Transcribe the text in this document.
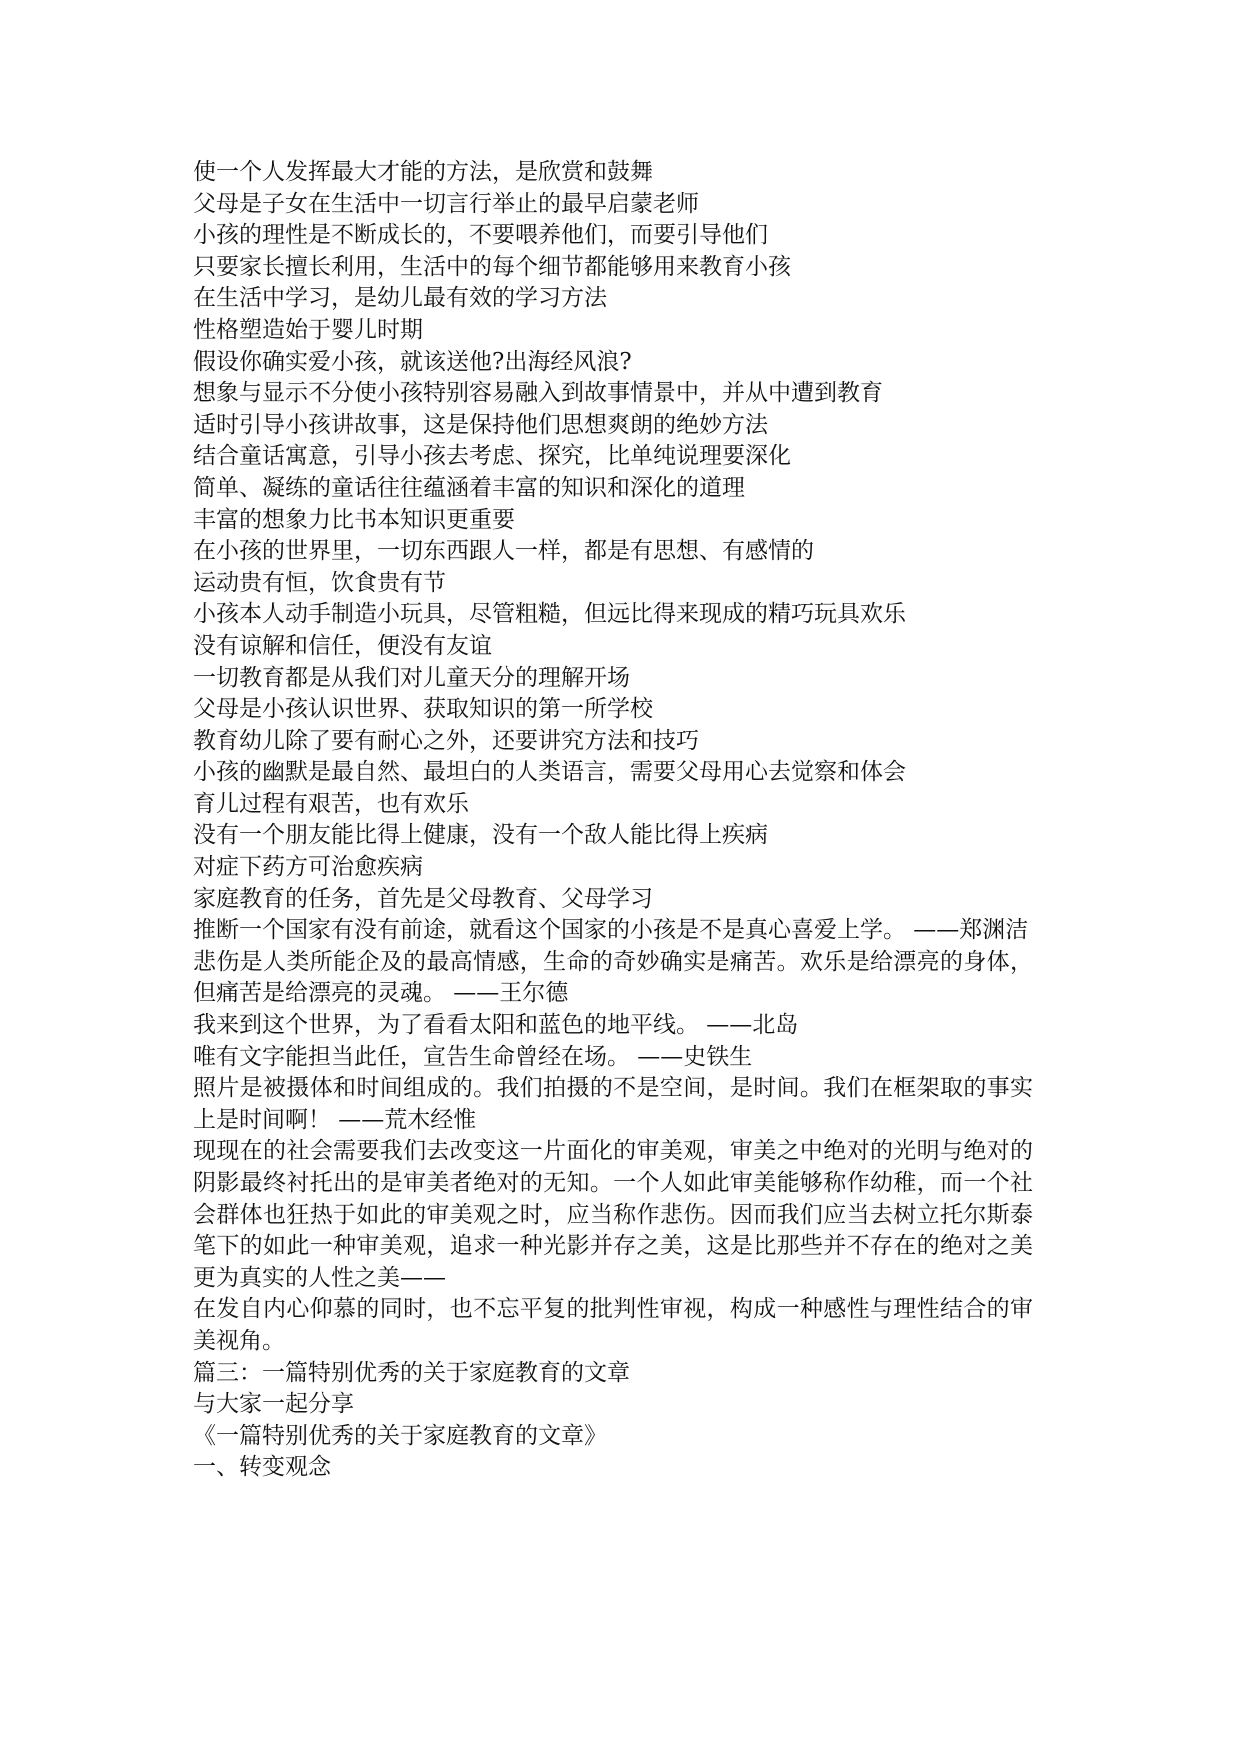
使一个人发挥最大才能的方法，是欣赏和鼓舞

父母是子女在生活中一切言行举止的最早启蒙老师

小孩的理性是不断成长的，不要喂养他们，而要引导他们

只要家长擅长利用，生活中的每个细节都能够用来教育小孩

在生活中学习，是幼儿最有效的学习方法

性格塑造始于婴儿时期

假设你确实爱小孩，就该送他?出海经风浪?

想象与显示不分使小孩特别容易融入到故事情景中，并从中遭到教育

适时引导小孩讲故事，这是保持他们思想爽朗的绝妙方法

结合童话寓意，引导小孩去考虑、探究，比单纯说理要深化

简单、凝练的童话往往蕴涵着丰富的知识和深化的道理

丰富的想象力比书本知识更重要

在小孩的世界里，一切东西跟人一样，都是有思想、有感情的

运动贵有恒，饮食贵有节

小孩本人动手制造小玩具，尽管粗糙，但远比得来现成的精巧玩具欢乐

没有谅解和信任，便没有友谊

一切教育都是从我们对儿童天分的理解开场

父母是小孩认识世界、获取知识的第一所学校

教育幼儿除了要有耐心之外，还要讲究方法和技巧

小孩的幽默是最自然、最坦白的人类语言，需要父母用心去觉察和体会

育儿过程有艰苦，也有欢乐

没有一个朋友能比得上健康，没有一个敌人能比得上疾病

对症下药方可治愈疾病

家庭教育的任务，首先是父母教育、父母学习

推断一个国家有没有前途，就看这个国家的小孩是不是真心喜爱上学。 ——郑渊洁

悲伤是人类所能企及的最高情感，生命的奇妙确实是痛苦。欢乐是给漂亮的身体，但痛苦是给漂亮的灵魂。 ——王尔德

我来到这个世界，为了看看太阳和蓝色的地平线。 ——北岛

唯有文字能担当此任，宣告生命曾经在场。 ——史铁生

照片是被摄体和时间组成的。我们拍摄的不是空间，是时间。我们在框架取的事实上是时间啊！ ——荒木经惟

现现在的社会需要我们去改变这一片面化的审美观，审美之中绝对的光明与绝对的阴影最终衬托出的是审美者绝对的无知。一个人如此审美能够称作幼稚，而一个社会群体也狂热于如此的审美观之时，应当称作悲伤。因而我们应当去树立托尔斯泰笔下的如此一种审美观，追求一种光影并存之美，这是比那些并不存在的绝对之美更为真实的人性之美——

在发自内心仰慕的同时，也不忘平复的批判性审视，构成一种感性与理性结合的审美视角。

篇三：一篇特别优秀的关于家庭教育的文章

与大家一起分享

《一篇特别优秀的关于家庭教育的文章》

一、转变观念
